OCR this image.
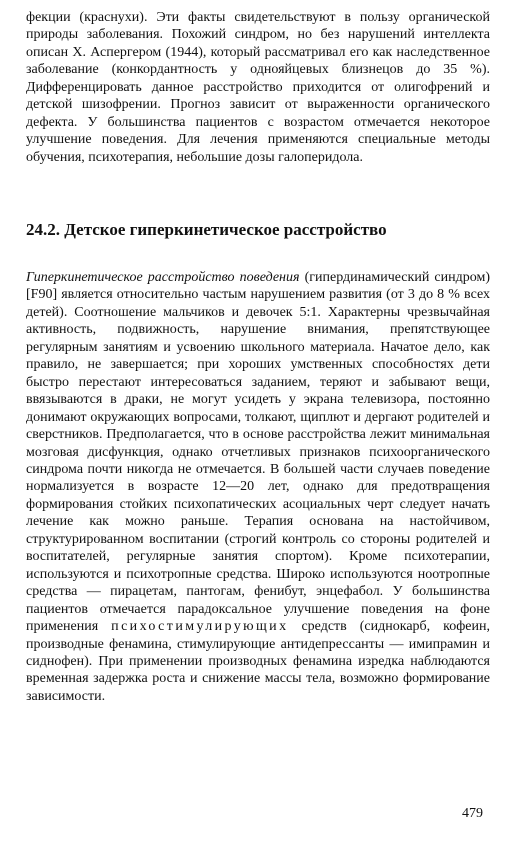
фекции (краснухи). Эти факты свидетельствуют в пользу органической природы заболевания. Похожий синдром, но без нарушений интеллекта описан X. Аспергером (1944), который рассматривал его как наследственное заболевание (конкордантность у однояйцевых близнецов до 35 %). Дифференцировать данное расстройство приходится от олигофрений и детской шизофрении. Прогноз зависит от выраженности органического дефекта. У большинства пациентов с возрастом отмечается некоторое улучшение поведения. Для лечения применяются специальные методы обучения, психотерапия, небольшие дозы галоперидола.

24.2. Детское гиперкинетическое расстройство

Гиперкинетическое расстройство поведения (гипердинамический синдром) [F90] является относительно частым нарушением развития (от 3 до 8 % всех детей). Соотношение мальчиков и девочек 5:1. Характерны чрезвычайная активность, подвижность, нарушение внимания, препятствующее регулярным занятиям и усвоению школьного материала. Начатое дело, как правило, не завершается; при хороших умственных способностях дети быстро перестают интересоваться заданием, теряют и забывают вещи, ввязываются в драки, не могут усидеть у экрана телевизора, постоянно донимают окружающих вопросами, толкают, щиплют и дергают родителей и сверстников. Предполагается, что в основе расстройства лежит минимальная мозговая дисфункция, однако отчетливых признаков психоорганического синдрома почти никогда не отмечается. В большей части случаев поведение нормализуется в возрасте 12—20 лет, однако для предотвращения формирования стойких психопатических асоциальных черт следует начать лечение как можно раньше. Терапия основана на настойчивом, структурированном воспитании (строгий контроль со стороны родителей и воспитателей, регулярные занятия спортом). Кроме психотерапии, используются и психотропные средства. Широко используются ноотропные средства — пирацетам, пантогам, фенибут, энцефабол. У большинства пациентов отмечается парадоксальное улучшение поведения на фоне применения психостимулирующих средств (сиднокарб, кофеин, производные фенамина, стимулирующие антидепрессанты — имипрамин и сиднофен). При применении производных фенамина изредка наблюдаются временная задержка роста и снижение массы тела, возможно формирование зависимости.

479
